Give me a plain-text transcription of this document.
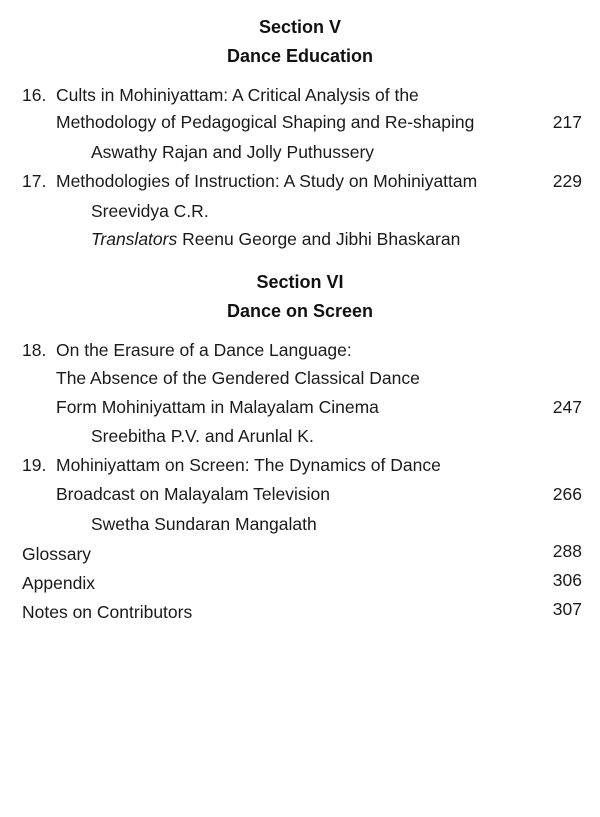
Section V
Dance Education
16. Cults in Mohiniyattam: A Critical Analysis of the
Methodology of Pedagogical Shaping and Re-shaping	217
Aswathy Rajan and Jolly Puthussery
17. Methodologies of Instruction: A Study on Mohiniyattam	229
Sreevidya C.R.
Translators Reenu George and Jibhi Bhaskaran
Section VI
Dance on Screen
18. On the Erasure of a Dance Language:
The Absence of the Gendered Classical Dance
Form Mohiniyattam in Malayalam Cinema	247
Sreebitha P.V. and Arunlal K.
19. Mohiniyattam on Screen: The Dynamics of Dance
Broadcast on Malayalam Television	266
Swetha Sundaran Mangalath
Glossary	288
Appendix	306
Notes on Contributors	307
